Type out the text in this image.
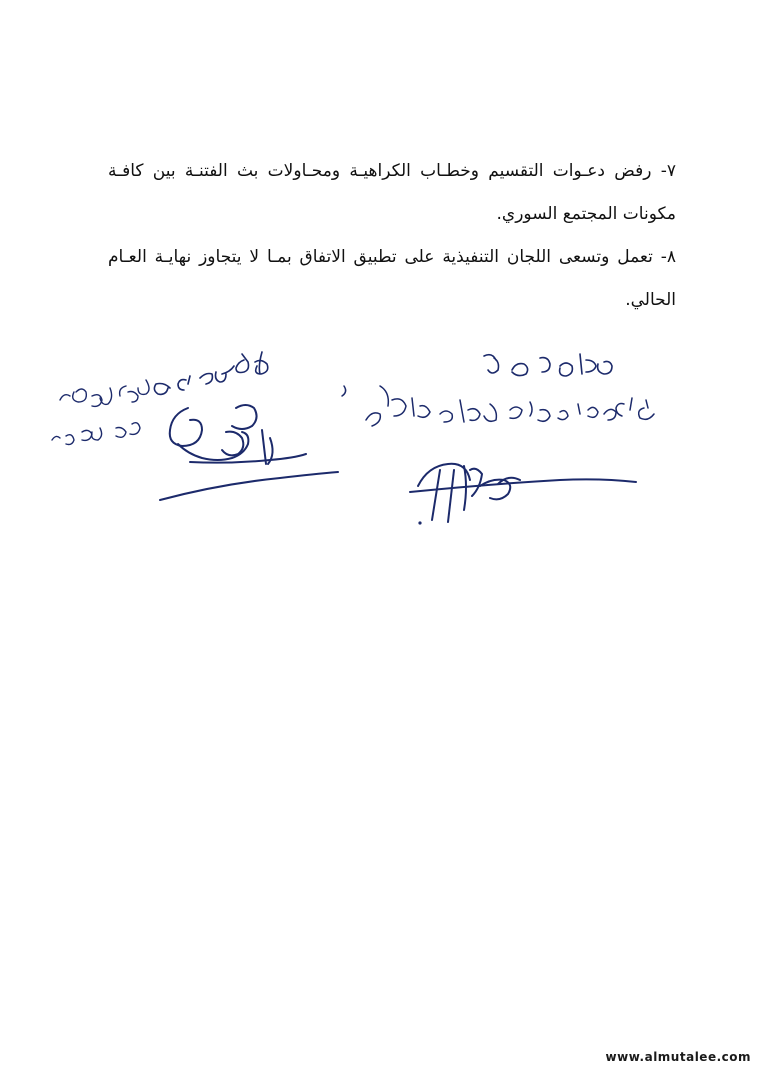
٧- رفض دعـوات التقسيم وخطـاب الكراهيـة ومحـاولات بث الفتنـة بين كافـة مكونات المجتمع السوري.

٨- تعمل وتسعى اللجان التنفيذية على تطبيق الاتفاق بمـا لا يتجاوز نهايـة العـام الحالي.

www.almutalee.com
